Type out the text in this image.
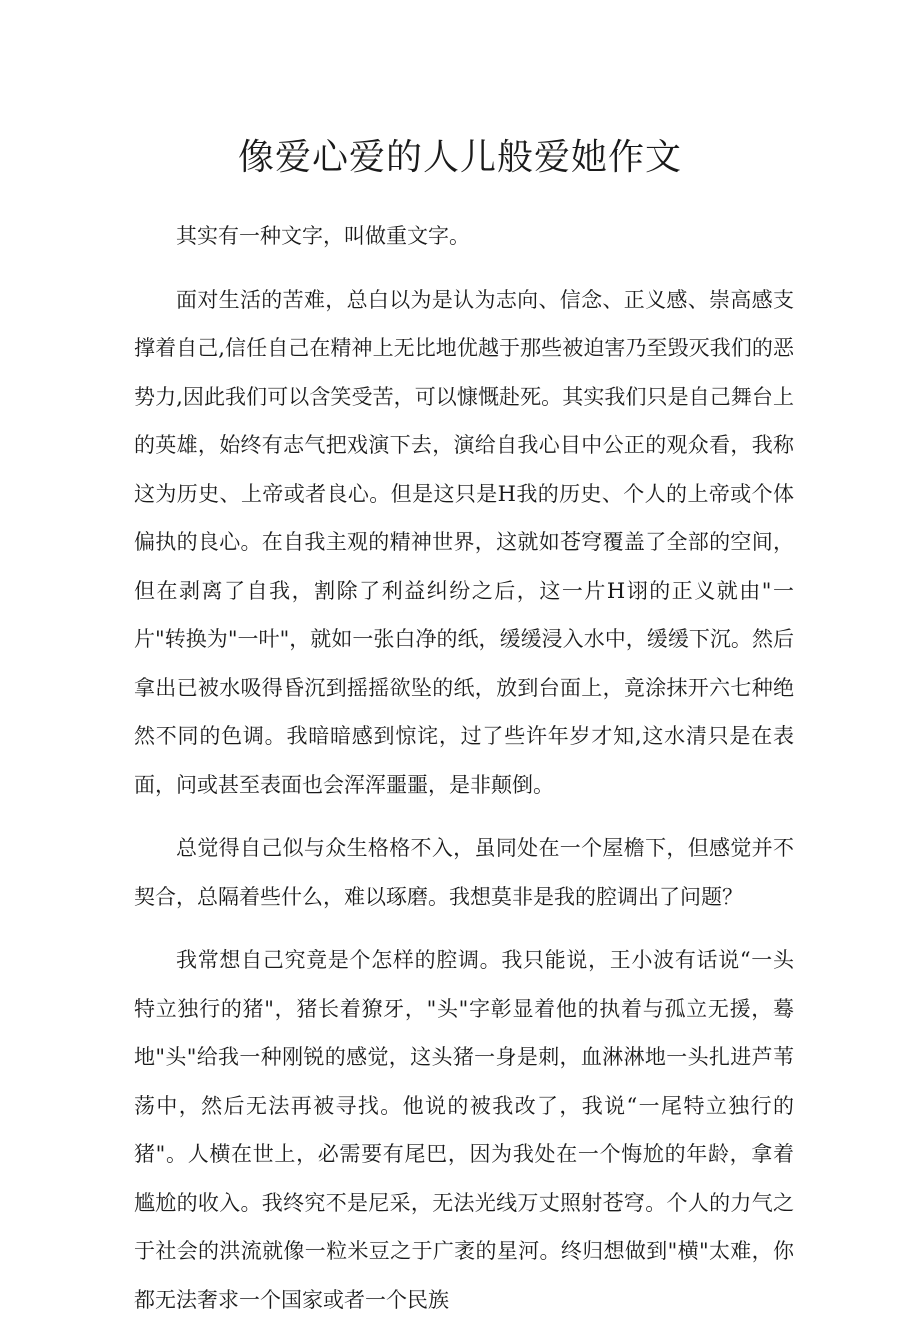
像爱心爱的人儿般爱她作文

其实有一种文字，叫做重文字。

面对生活的苦难，总白以为是认为志向、信念、正义感、崇高感支撑着自己,信任自己在精神上无比地优越于那些被迫害乃至毁灭我们的恶势力,因此我们可以含笑受苦，可以慷慨赴死。其实我们只是自己舞台上的英雄，始终有志气把戏演下去，演给自我心目中公正的观众看，我称这为历史、上帝或者良心。但是这只是H我的历史、个人的上帝或个体偏执的良心。在自我主观的精神世界，这就如苍穹覆盖了全部的空间，但在剥离了自我，割除了利益纠纷之后，这一片H诩的正义就由"一片"转换为"一叶"，就如一张白净的纸，缓缓浸入水中，缓缓下沉。然后拿出已被水吸得昏沉到摇摇欲坠的纸，放到台面上，竟涂抹开六七种绝然不同的色调。我暗暗感到惊诧，过了些许年岁才知,这水清只是在表面，问或甚至表面也会浑浑噩噩，是非颠倒。

总觉得自己似与众生格格不入，虽同处在一个屋檐下，但感觉并不契合，总隔着些什么，难以琢磨。我想莫非是我的腔调出了问题？

我常想自己究竟是个怎样的腔调。我只能说，王小波有话说“一头特立独行的猪"，猪长着獠牙，"头"字彰显着他的执着与孤立无援，蓦地"头"给我一种刚锐的感觉，这头猪一身是刺，血淋淋地一头扎进芦苇荡中，然后无法再被寻找。他说的被我改了，我说“一尾特立独行的猪"。人横在世上，必需要有尾巴，因为我处在一个悔尬的年龄，拿着尴尬的收入。我终究不是尼采，无法光线万丈照射苍穹。个人的力气之于社会的洪流就像一粒米豆之于广袤的星河。终归想做到"横"太难，你都无法奢求一个国家或者一个民族
